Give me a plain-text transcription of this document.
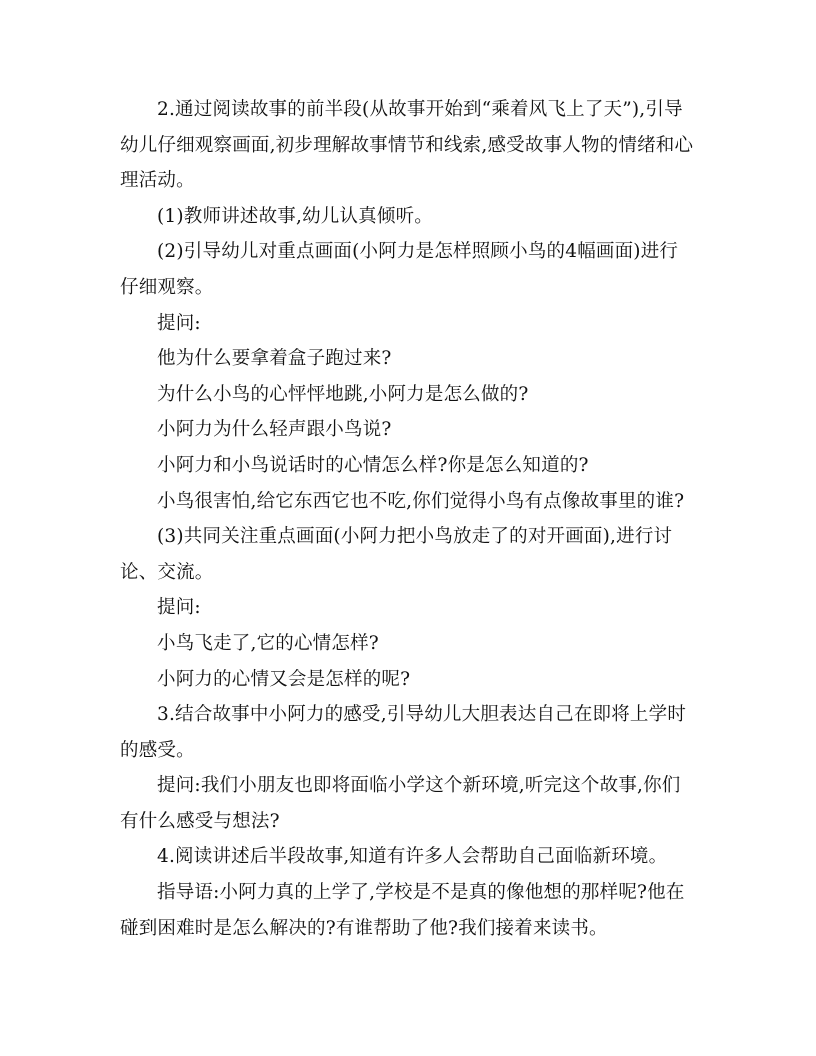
2.通过阅读故事的前半段(从故事开始到“乘着风飞上了天”),引导幼儿仔细观察画面,初步理解故事情节和线索,感受故事人物的情绪和心理活动。

(1)教师讲述故事,幼儿认真倾听。

(2)引导幼儿对重点画面(小阿力是怎样照顾小鸟的4幅画面)进行仔细观察。

提问:

他为什么要拿着盒子跑过来?

为什么小鸟的心怦怦地跳,小阿力是怎么做的?

小阿力为什么轻声跟小鸟说?

小阿力和小鸟说话时的心情怎么样?你是怎么知道的?

小鸟很害怕,给它东西它也不吃,你们觉得小鸟有点像故事里的谁?

(3)共同关注重点画面(小阿力把小鸟放走了的对开画面),进行讨论、交流。

提问:

小鸟飞走了,它的心情怎样?

小阿力的心情又会是怎样的呢?

3.结合故事中小阿力的感受,引导幼儿大胆表达自己在即将上学时的感受。

提问:我们小朋友也即将面临小学这个新环境,听完这个故事,你们有什么感受与想法?

4.阅读讲述后半段故事,知道有许多人会帮助自己面临新环境。

指导语:小阿力真的上学了,学校是不是真的像他想的那样呢?他在碰到困难时是怎么解决的?有谁帮助了他?我们接着来读书。
